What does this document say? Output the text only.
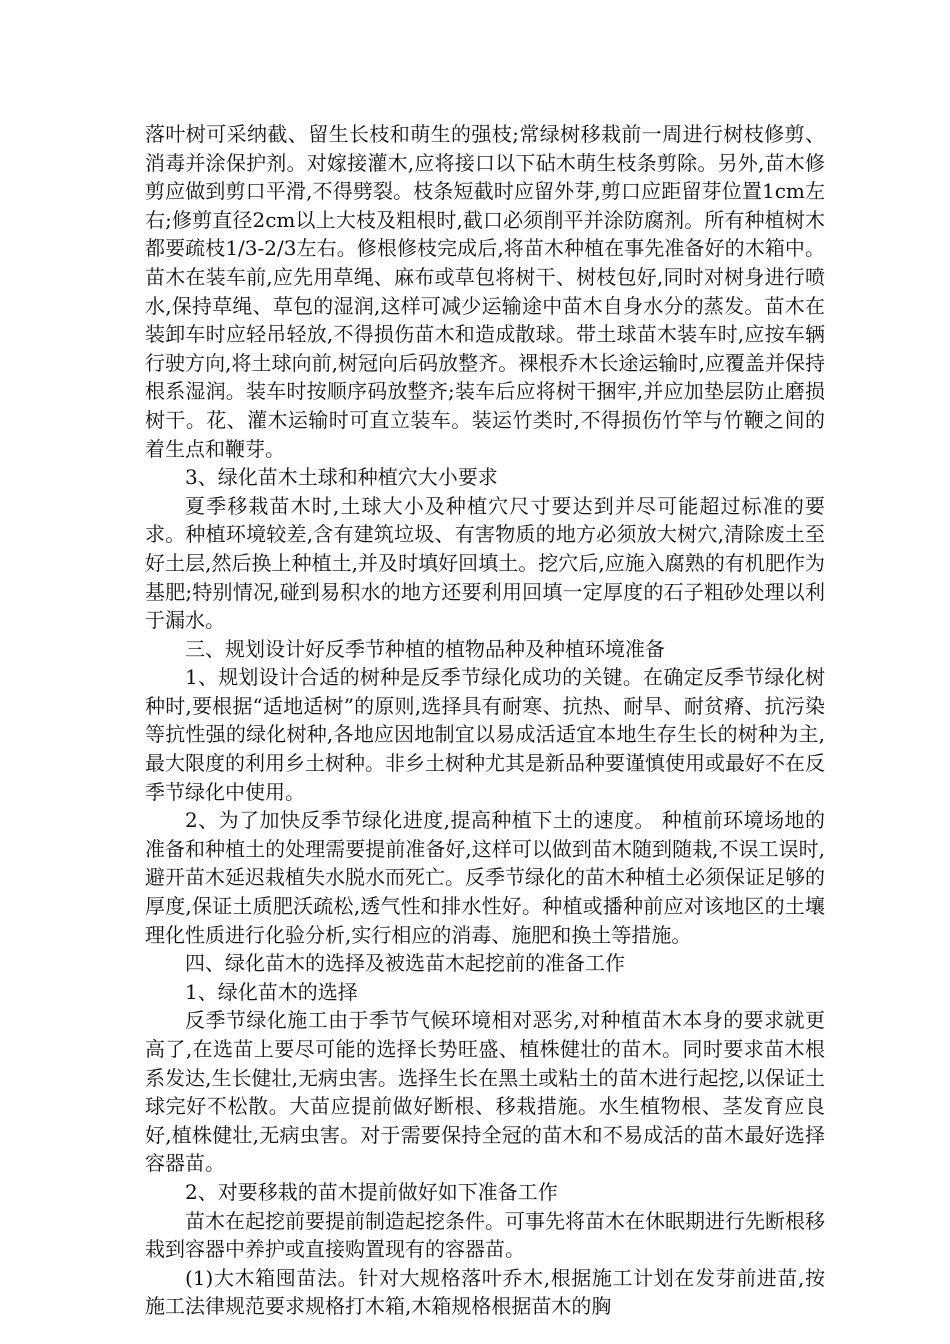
落叶树可采纳截、留生长枝和萌生的强枝;常绿树移栽前一周进行树枝修剪、消毒并涂保护剂。对嫁接灌木,应将接口以下砧木萌生枝条剪除。另外,苗木修剪应做到剪口平滑,不得劈裂。枝条短截时应留外芽,剪口应距留芽位置1cm左右;修剪直径2cm以上大枝及粗根时,截口必须削平并涂防腐剂。所有种植树木都要疏枝1/3-2/3左右。修根修枝完成后,将苗木种植在事先准备好的木箱中。苗木在装车前,应先用草绳、麻布或草包将树干、树枝包好,同时对树身进行喷水,保持草绳、草包的湿润,这样可减少运输途中苗木自身水分的蒸发。苗木在装卸车时应轻吊轻放,不得损伤苗木和造成散球。带土球苗木装车时,应按车辆行驶方向,将土球向前,树冠向后码放整齐。裸根乔木长途运输时,应覆盖并保持根系湿润。装车时按顺序码放整齐;装车后应将树干捆牢,并应加垫层防止磨损树干。花、灌木运输时可直立装车。装运竹类时,不得损伤竹竿与竹鞭之间的着生点和鞭芽。

3、绿化苗木土球和种植穴大小要求

夏季移栽苗木时,土球大小及种植穴尺寸要达到并尽可能超过标准的要求。种植环境较差,含有建筑垃圾、有害物质的地方必须放大树穴,清除废土至好土层,然后换上种植土,并及时填好回填土。挖穴后,应施入腐熟的有机肥作为基肥;特别情况,碰到易积水的地方还要利用回填一定厚度的石子粗砂处理以利于漏水。

三、规划设计好反季节种植的植物品种及种植环境准备

1、规划设计合适的树种是反季节绿化成功的关键。在确定反季节绿化树种时,要根据“适地适树”的原则,选择具有耐寒、抗热、耐旱、耐贫瘠、抗污染等抗性强的绿化树种,各地应因地制宜以易成活适宜本地生存生长的树种为主,最大限度的利用乡土树种。非乡土树种尤其是新品种要谨慎使用或最好不在反季节绿化中使用。

2、为了加快反季节绿化进度,提高种植下土的速度。 种植前环境场地的准备和种植土的处理需要提前准备好,这样可以做到苗木随到随栽,不误工误时,避开苗木延迟栽植失水脱水而死亡。反季节绿化的苗木种植土必须保证足够的厚度,保证土质肥沃疏松,透气性和排水性好。种植或播种前应对该地区的土壤理化性质进行化验分析,实行相应的消毒、施肥和换土等措施。

四、绿化苗木的选择及被选苗木起挖前的准备工作

1、绿化苗木的选择

反季节绿化施工由于季节气候环境相对恶劣,对种植苗木本身的要求就更高了,在选苗上要尽可能的选择长势旺盛、植株健壮的苗木。同时要求苗木根系发达,生长健壮,无病虫害。选择生长在黑土或粘土的苗木进行起挖,以保证土球完好不松散。大苗应提前做好断根、移栽措施。水生植物根、茎发育应良好,植株健壮,无病虫害。对于需要保持全冠的苗木和不易成活的苗木最好选择容器苗。

2、对要移栽的苗木提前做好如下准备工作

苗木在起挖前要提前制造起挖条件。可事先将苗木在休眠期进行先断根移栽到容器中养护或直接购置现有的容器苗。

(1)大木箱囤苗法。针对大规格落叶乔木,根据施工计划在发芽前进苗,按施工法律规范要求规格打木箱,木箱规格根据苗木的胸
